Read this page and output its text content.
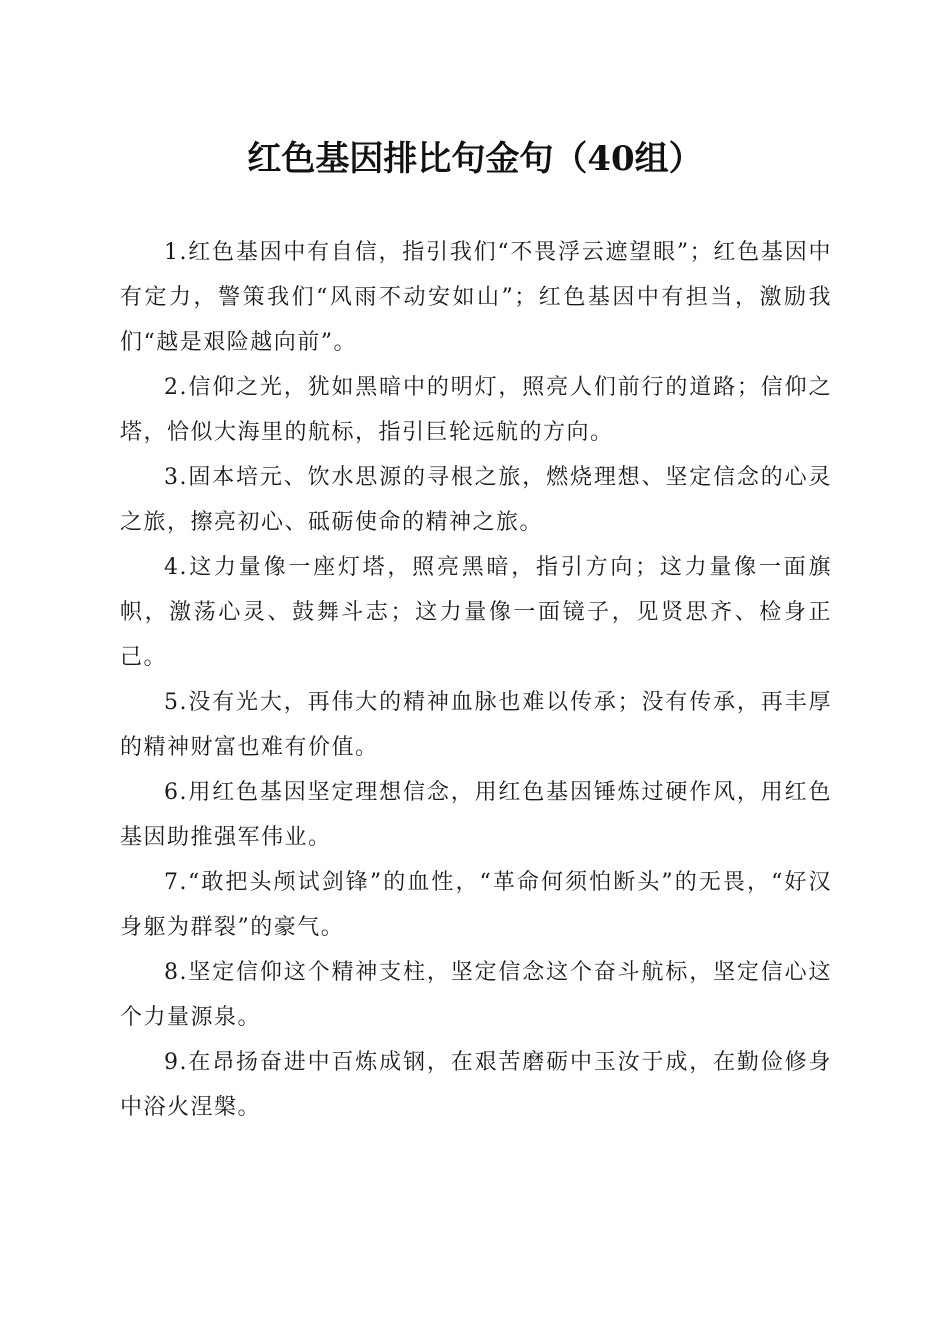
红色基因排比句金句（40组）

1.红色基因中有自信，指引我们“不畏浮云遮望眼”；红色基因中有定力，警策我们“风雨不动安如山”；红色基因中有担当，激励我们“越是艰险越向前”。

2.信仰之光，犹如黑暗中的明灯，照亮人们前行的道路；信仰之塔，恰似大海里的航标，指引巨轮远航的方向。

3.固本培元、饮水思源的寻根之旅，燃烧理想、坚定信念的心灵之旅，擦亮初心、砥砺使命的精神之旅。

4.这力量像一座灯塔，照亮黑暗，指引方向；这力量像一面旗帜，激荡心灵、鼓舞斗志；这力量像一面镜子，见贤思齐、检身正己。

5.没有光大，再伟大的精神血脉也难以传承；没有传承，再丰厚的精神财富也难有价值。

6.用红色基因坚定理想信念，用红色基因锤炼过硬作风，用红色基因助推强军伟业。

7.“敢把头颅试剑锋”的血性，“革命何须怕断头”的无畏，“好汉身躯为群裂”的豪气。

8.坚定信仰这个精神支柱，坚定信念这个奋斗航标，坚定信心这个力量源泉。

9.在昂扬奋进中百炼成钢，在艰苦磨砺中玉汝于成，在勤俭修身中浴火涅槃。
